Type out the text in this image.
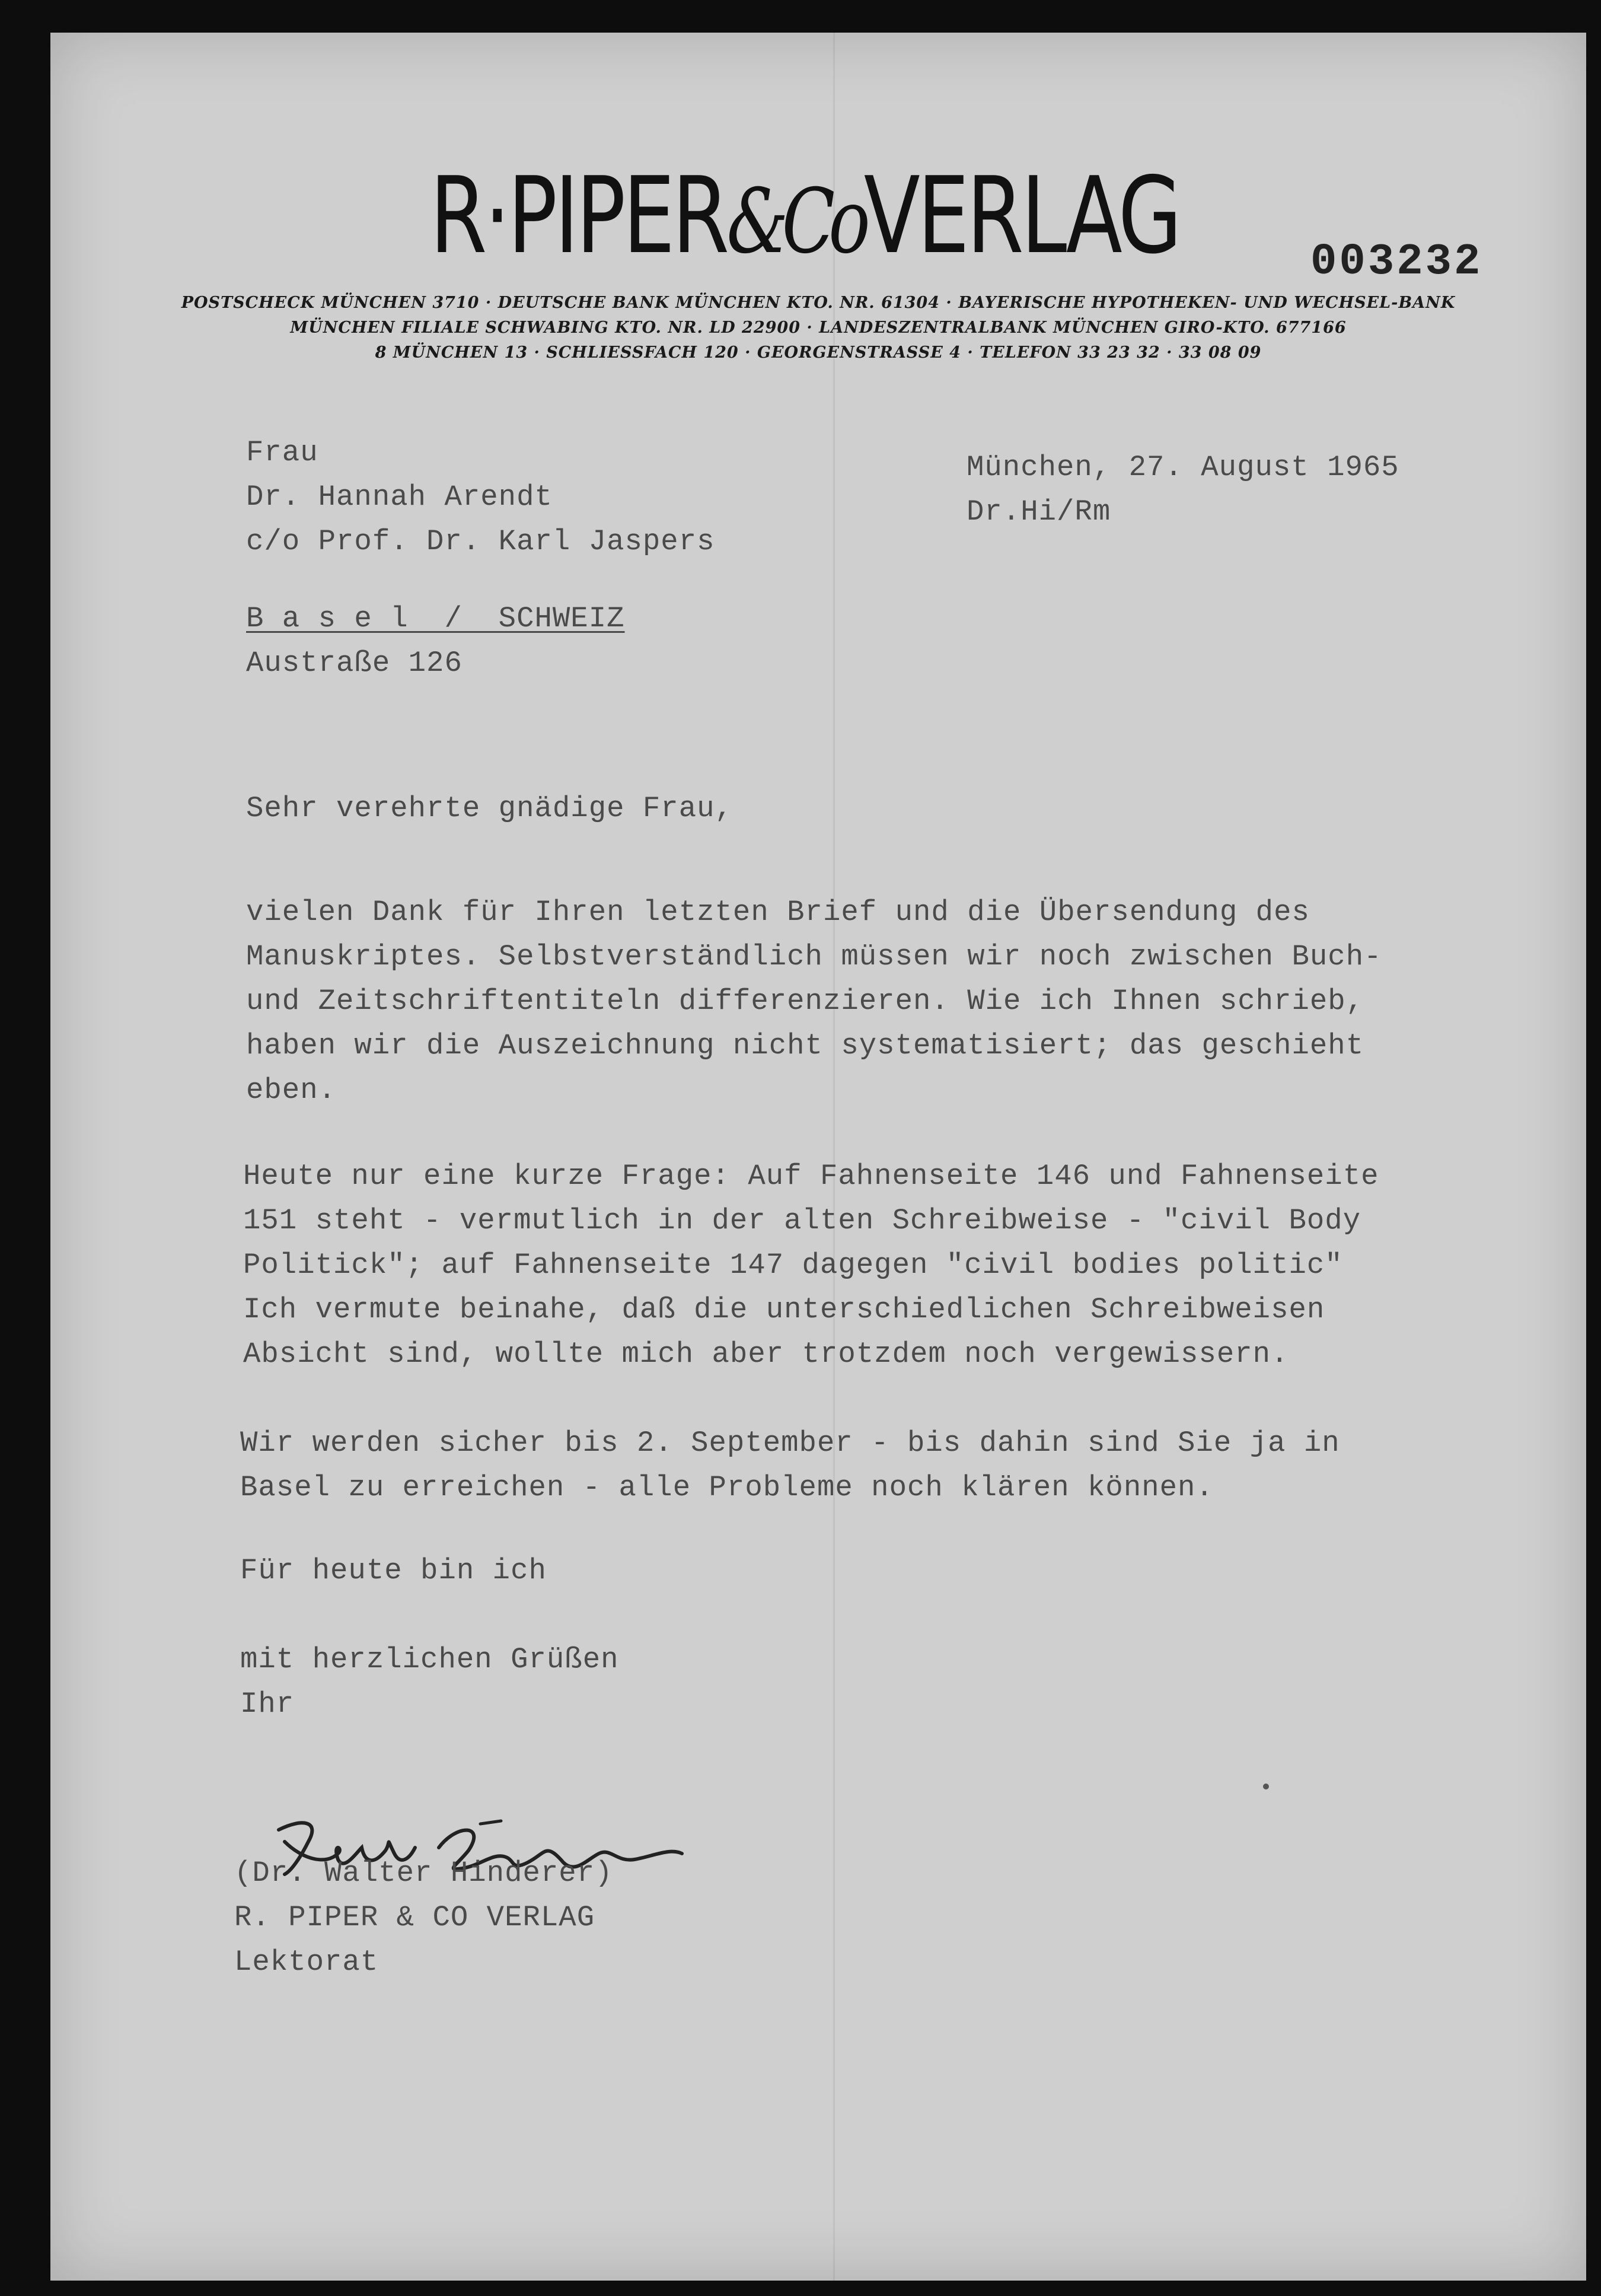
R·PIPER&CoVERLAG	003232
POSTSCHECK MÜNCHEN 3710 · DEUTSCHE BANK MÜNCHEN KTO. NR. 61304 · BAYERISCHE HYPOTHEKEN- UND WECHSEL-BANK
MÜNCHEN FILIALE SCHWABING KTO. NR. LD 22900 · LANDESZENTRALBANK MÜNCHEN GIRO-KTO. 677166
8 MÜNCHEN 13 · SCHLIESSFACH 120 · GEORGENSTRASSE 4 · TELEFON 33 23 32 · 33 08 09
Frau
Dr. Hannah Arendt
c/o Prof. Dr. Karl Jaspers
B a s e l  /  SCHWEIZ
Austraße 126
München, 27. August 1965
Dr.Hi/Rm
Sehr verehrte gnädige Frau,
vielen Dank für Ihren letzten Brief und die Übersendung des
Manuskriptes. Selbstverständlich müssen wir noch zwischen Buch-
und Zeitschriftentiteln differenzieren. Wie ich Ihnen schrieb,
haben wir die Auszeichnung nicht systematisiert; das geschieht
eben.
Heute nur eine kurze Frage: Auf Fahnenseite 146 und Fahnenseite
151 steht - vermutlich in der alten Schreibweise - "civil Body
Politick"; auf Fahnenseite 147 dagegen "civil bodies politic"
Ich vermute beinahe, daß die unterschiedlichen Schreibweisen
Absicht sind, wollte mich aber trotzdem noch vergewissern.
Wir werden sicher bis 2. September - bis dahin sind Sie ja in
Basel zu erreichen - alle Probleme noch klären können.
Für heute bin ich
mit herzlichen Grüßen
Ihr
(Dr. Walter Hinderer)
R. PIPER & CO VERLAG
Lektorat
